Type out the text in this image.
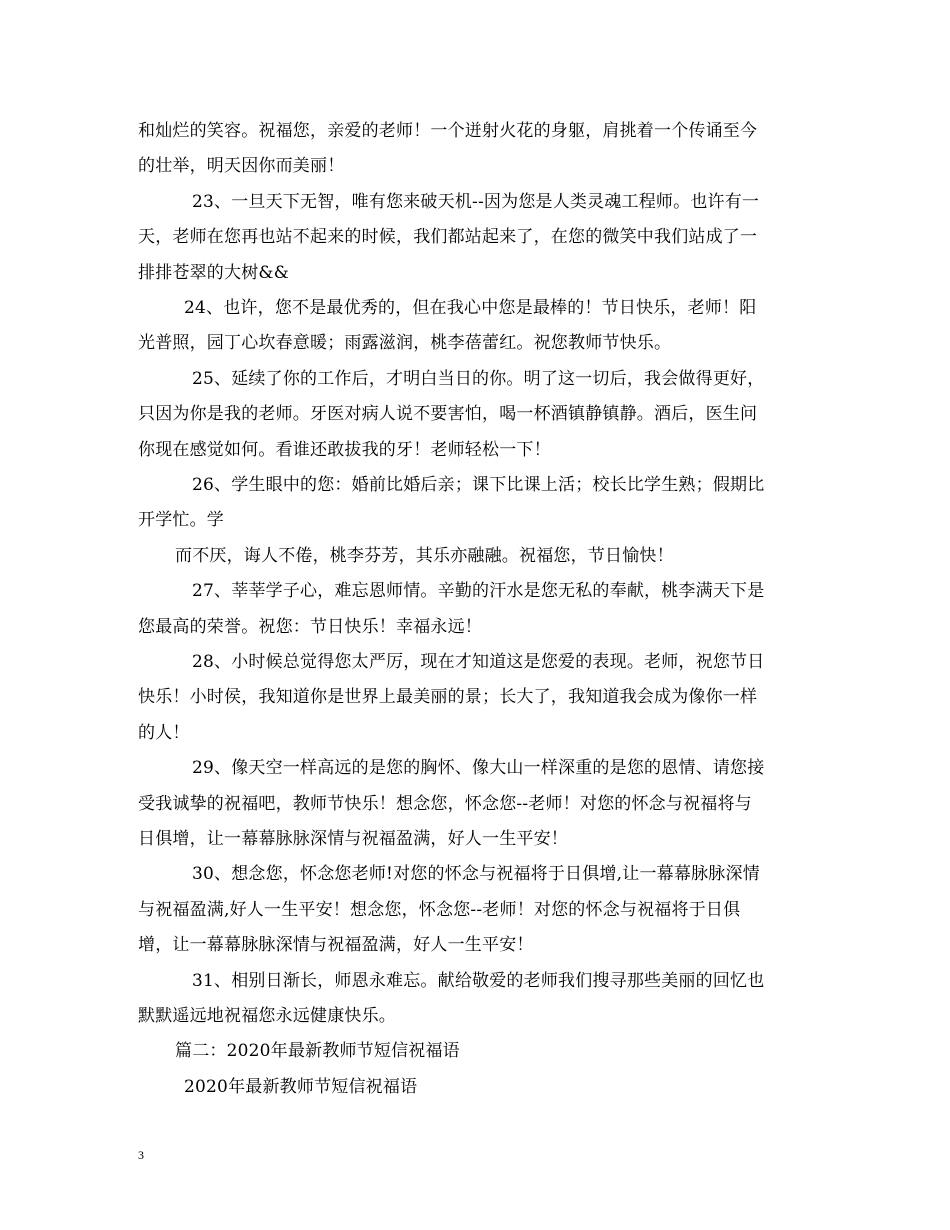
和灿烂的笑容。祝福您，亲爱的老师！一个迸射火花的身躯，肩挑着一个传诵至今
的壮举，明天因你而美丽！
23、一旦天下无智，唯有您来破天机--因为您是人类灵魂工程师。也许有一
天，老师在您再也站不起来的时候，我们都站起来了，在您的微笑中我们站成了一
排排苍翠的大树&&
24、也许，您不是最优秀的，但在我心中您是最棒的！节日快乐，老师！阳
光普照，园丁心坎春意暖；雨露滋润，桃李蓓蕾红。祝您教师节快乐。
25、延续了你的工作后，才明白当日的你。明了这一切后，我会做得更好，
只因为你是我的老师。牙医对病人说不要害怕，喝一杯酒镇静镇静。酒后，医生问
你现在感觉如何。看谁还敢拔我的牙！老师轻松一下！
26、学生眼中的您：婚前比婚后亲；课下比课上活；校长比学生熟；假期比
开学忙。学
而不厌，诲人不倦，桃李芬芳，其乐亦融融。祝福您，节日愉快！
27、莘莘学子心，难忘恩师情。辛勤的汗水是您无私的奉献，桃李满天下是
您最高的荣誉。祝您：节日快乐！幸福永远！
28、小时候总觉得您太严厉，现在才知道这是您爱的表现。老师，祝您节日
快乐！小时侯，我知道你是世界上最美丽的景；长大了，我知道我会成为像你一样
的人！
29、像天空一样高远的是您的胸怀、像大山一样深重的是您的恩情、请您接
受我诚挚的祝福吧，教师节快乐！想念您，怀念您--老师！对您的怀念与祝福将与
日俱增，让一幕幕脉脉深情与祝福盈满，好人一生平安！
30、想念您，怀念您老师!对您的怀念与祝福将于日俱增,让一幕幕脉脉深情
与祝福盈满,好人一生平安！想念您，怀念您--老师！对您的怀念与祝福将于日俱
增，让一幕幕脉脉深情与祝福盈满，好人一生平安！
31、相别日渐长，师恩永难忘。献给敬爱的老师我们搜寻那些美丽的回忆也
默默遥远地祝福您永远健康快乐。
篇二：2020年最新教师节短信祝福语
2020年最新教师节短信祝福语
3
